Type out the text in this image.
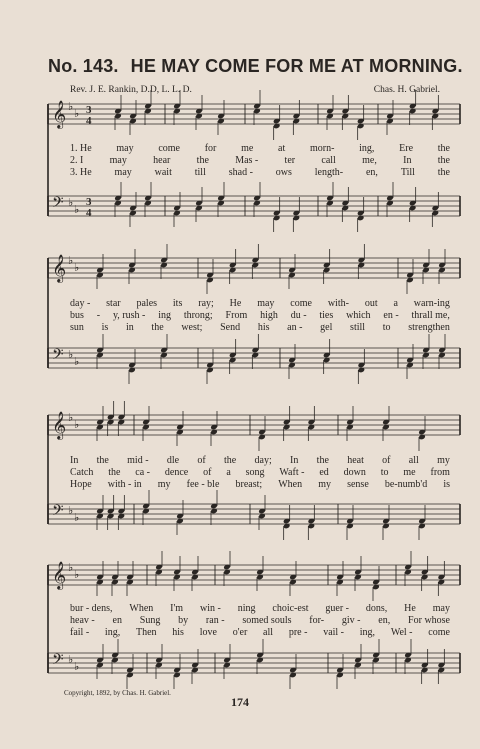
No. 143. HE MAY COME FOR ME AT MORNING.
Rev. J. E. Rankin, D.D, L. L. D.	Chas. H. Gabriel.
𝄞 ♭
♭ 3
4
𝄢 ♭
♭
3
4
𝄞 ♭
♭
𝄢 ♭
♭
𝄞 ♭
♭
𝄢 ♭
♭
𝄞 ♭
♭
𝄢 ♭
♭
1. He may come for me at morn- ing, Ere the
2. I	may	hear	the	Mas -	ter	call	me,	In	the
3. He may wait till shad - ows length- en, Till the
day - star pales its ray; He may come with- out a warn-ing
bus - y, rush - ing throng; From high du - ties which en - thrall me,
sun is in the west; Send his an - gel still to strengthen
In the mid - dle of the day; In the heat of all my
Catch the ca - dence of a song Waft - ed down to me from
Hope with - in my fee - ble breast; When my sense be-numb'd is
bur - dens, When I'm win - ning choic-est guer - dons, He may
heav - en Sung by ran - somed souls for- giv - en, For whose
fail - ing, Then his love o'er all pre - vail - ing, Wel - come
Copyright, 1892, by Chas. H. Gabriel.
174
